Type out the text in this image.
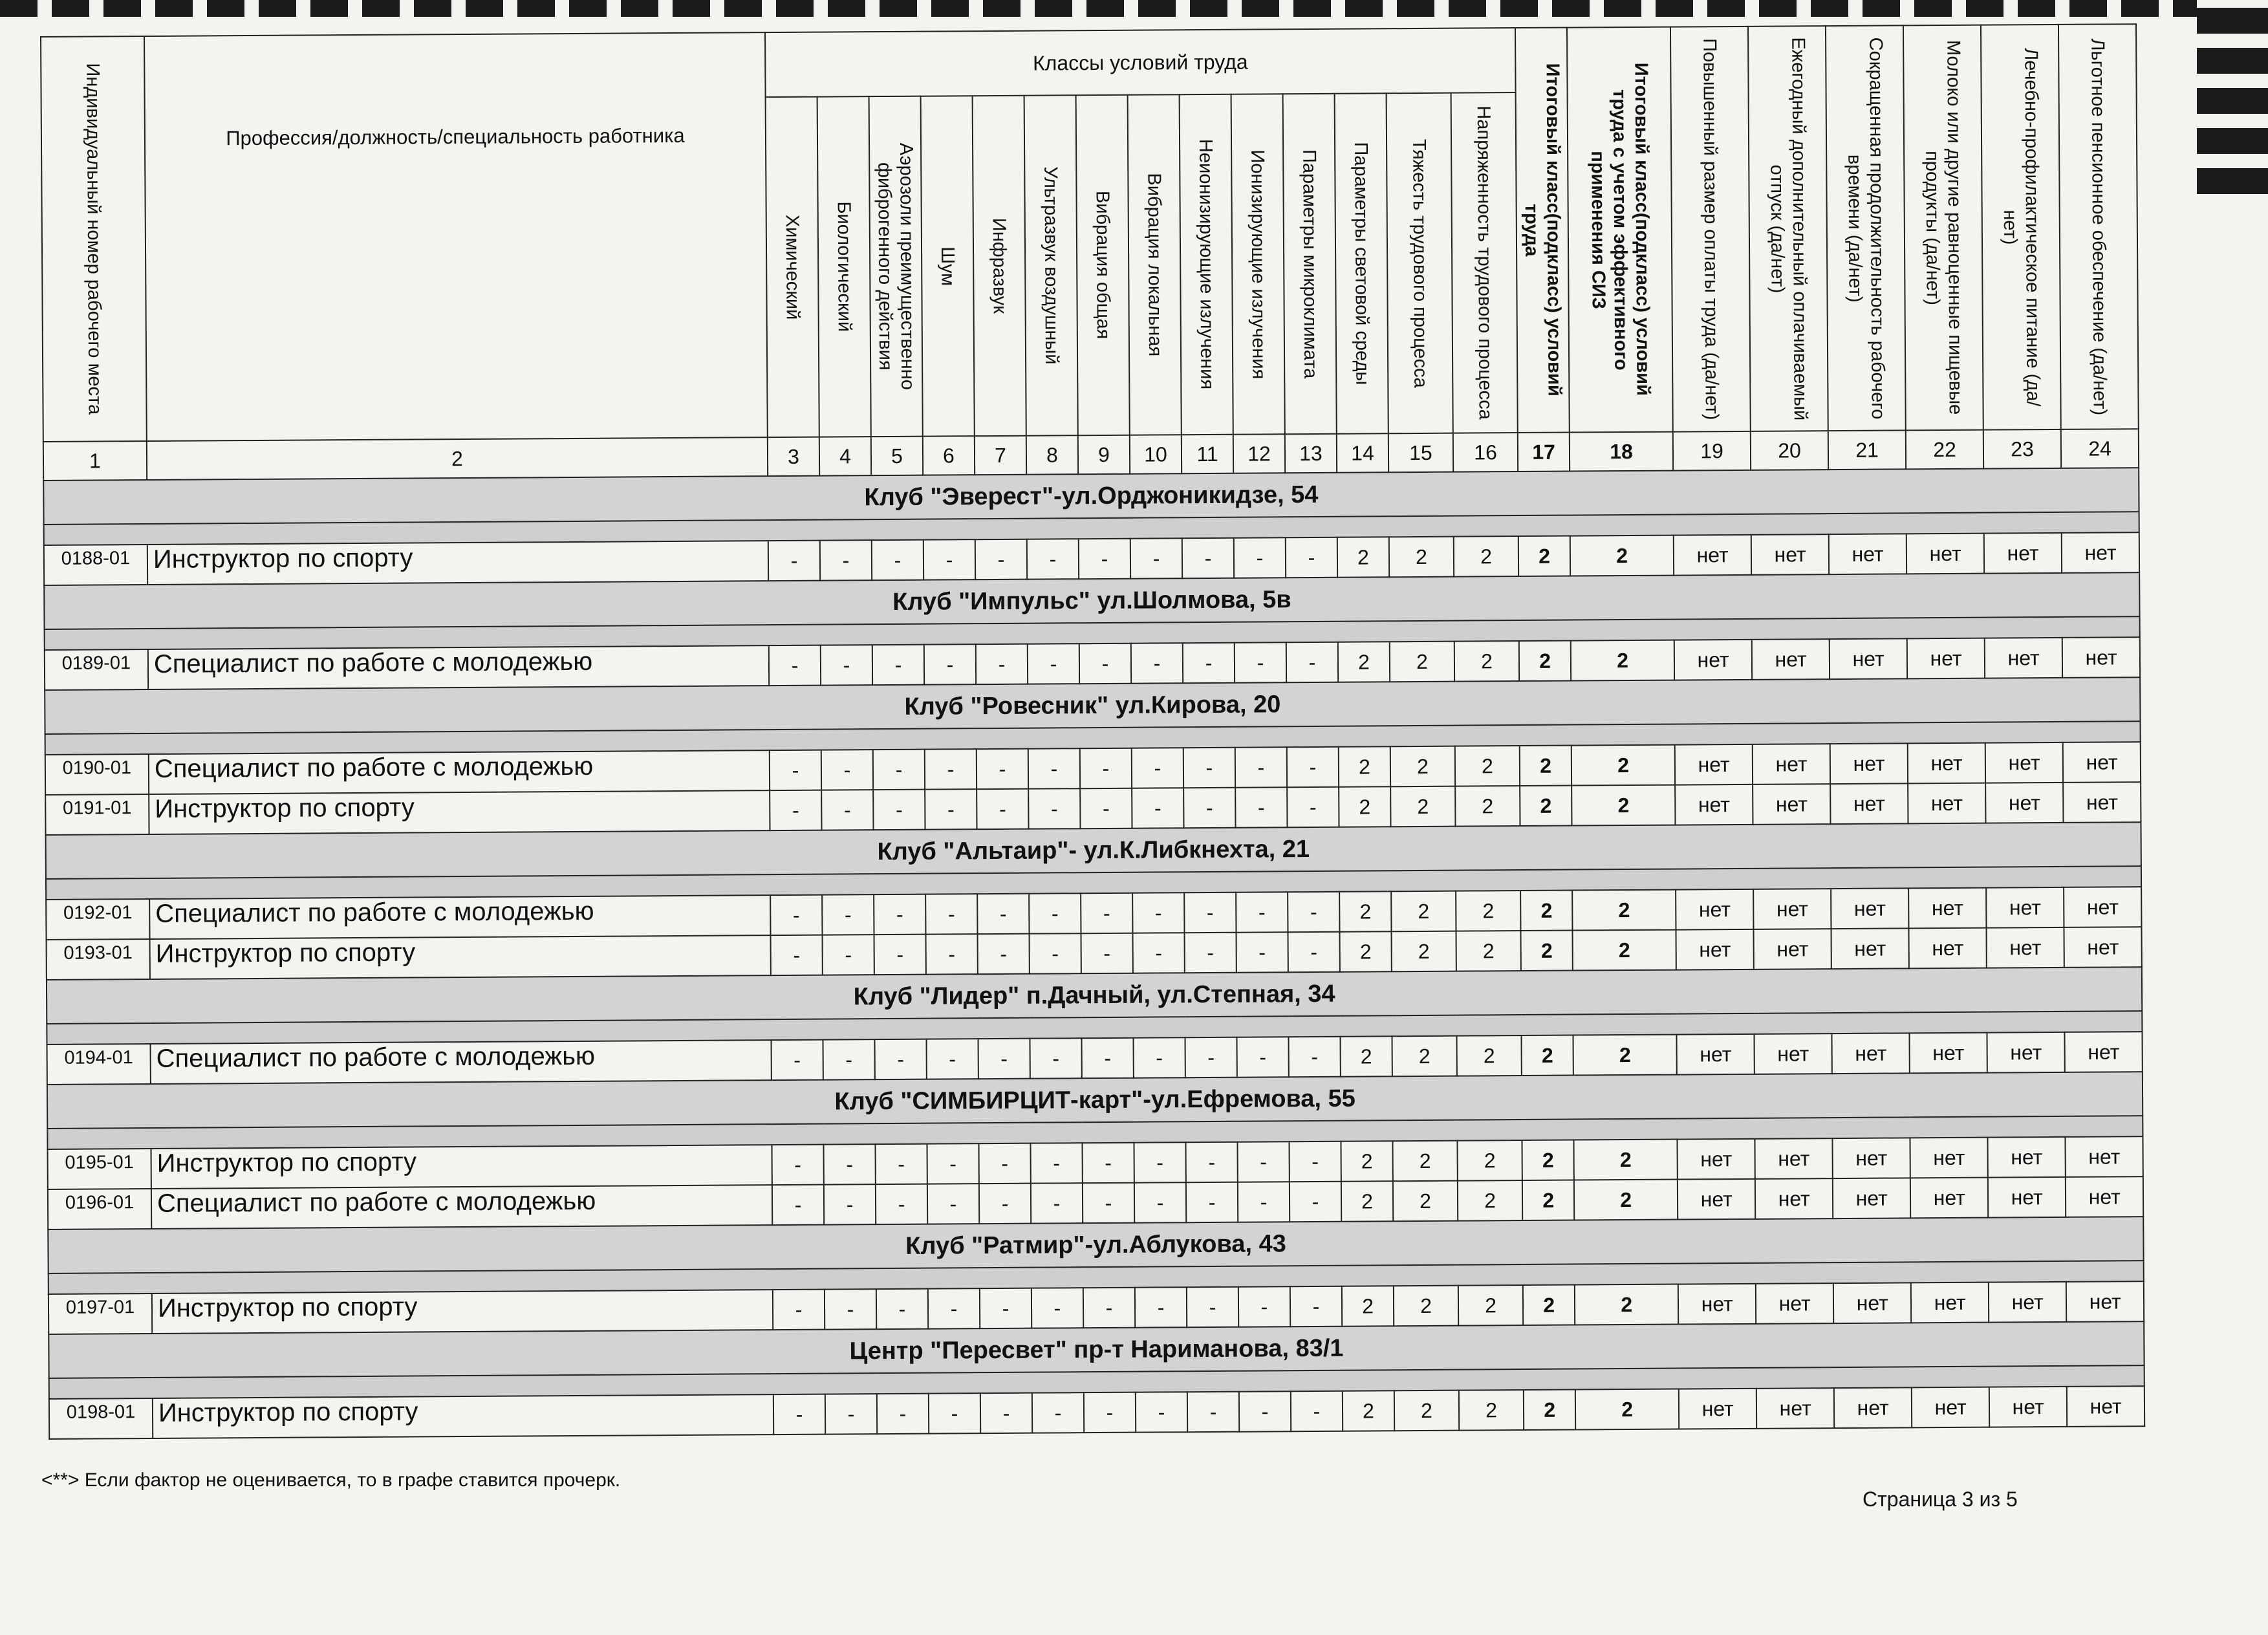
Индивидуальный номер рабочего места	Профессия/должность/специальность работника	Классы условий труда														Итоговый класс(подкласс) условий труда	Итоговый класс(подкласс) условий труда с учетом эффективного применения СИЗ	Повышенный размер оплаты труда (да/нет)	Ежегодный дополнительный оплачиваемый отпуск (да/нет)	Сокращенная продолжительность рабочего времени (да/нет)	Молоко или другие равноценные пищевые продукты (да/нет)	Лечебно-профилактическое питание (да/нет)	Льготное пенсионное обеспечение (да/нет)

		Химический	Биологический	Аэрозоли преимущественно фиброгенного действия	Шум	Инфразвук	Ультразвук воздушный	Вибрация общая	Вибрация локальная	Неионизирующие излучения	Ионизирующие излучения	Параметры микроклимата	Параметры световой среды	Тяжесть трудового процесса	Напряженность трудового процесса								

1	2	3	4	5	6	7	8	9	10	11	12	13	14	15	16	17	18	19	20	21	22	23	24
Клуб "Эверест"-ул.Орджоникидзе, 54																							

0188-01	Инструктор по спорту	-	-	-	-	-	-	-	-	-	-	-	2	2	2	2	2	нет	нет	нет	нет	нет	нет
Клуб "Импульс" ул.Шолмова, 5в																							

0189-01	Специалист по работе с молодежью	-	-	-	-	-	-	-	-	-	-	-	2	2	2	2	2	нет	нет	нет	нет	нет	нет
Клуб "Ровесник" ул.Кирова, 20																							

0190-01	Специалист по работе с молодежью	-	-	-	-	-	-	-	-	-	-	-	2	2	2	2	2	нет	нет	нет	нет	нет	нет
0191-01	Инструктор по спорту	-	-	-	-	-	-	-	-	-	-	-	2	2	2	2	2	нет	нет	нет	нет	нет	нет
Клуб "Альтаир"- ул.К.Либкнехта, 21																							

0192-01	Специалист по работе с молодежью	-	-	-	-	-	-	-	-	-	-	-	2	2	2	2	2	нет	нет	нет	нет	нет	нет
0193-01	Инструктор по спорту	-	-	-	-	-	-	-	-	-	-	-	2	2	2	2	2	нет	нет	нет	нет	нет	нет
Клуб "Лидер" п.Дачный, ул.Степная, 34																							

0194-01	Специалист по работе с молодежью	-	-	-	-	-	-	-	-	-	-	-	2	2	2	2	2	нет	нет	нет	нет	нет	нет
Клуб "СИМБИРЦИТ-карт"-ул.Ефремова, 55																							

0195-01	Инструктор по спорту	-	-	-	-	-	-	-	-	-	-	-	2	2	2	2	2	нет	нет	нет	нет	нет	нет
0196-01	Специалист по работе с молодежью	-	-	-	-	-	-	-	-	-	-	-	2	2	2	2	2	нет	нет	нет	нет	нет	нет
Клуб "Ратмир"-ул.Аблукова, 43																							

0197-01	Инструктор по спорту	-	-	-	-	-	-	-	-	-	-	-	2	2	2	2	2	нет	нет	нет	нет	нет	нет
Центр "Пересвет" пр-т Нариманова, 83/1																							

0198-01	Инструктор по спорту	-	-	-	-	-	-	-	-	-	-	-	2	2	2	2	2	нет	нет	нет	нет	нет	нет
<**> Если фактор не оценивается, то в графе ставится прочерк.
Страница 3 из 5
